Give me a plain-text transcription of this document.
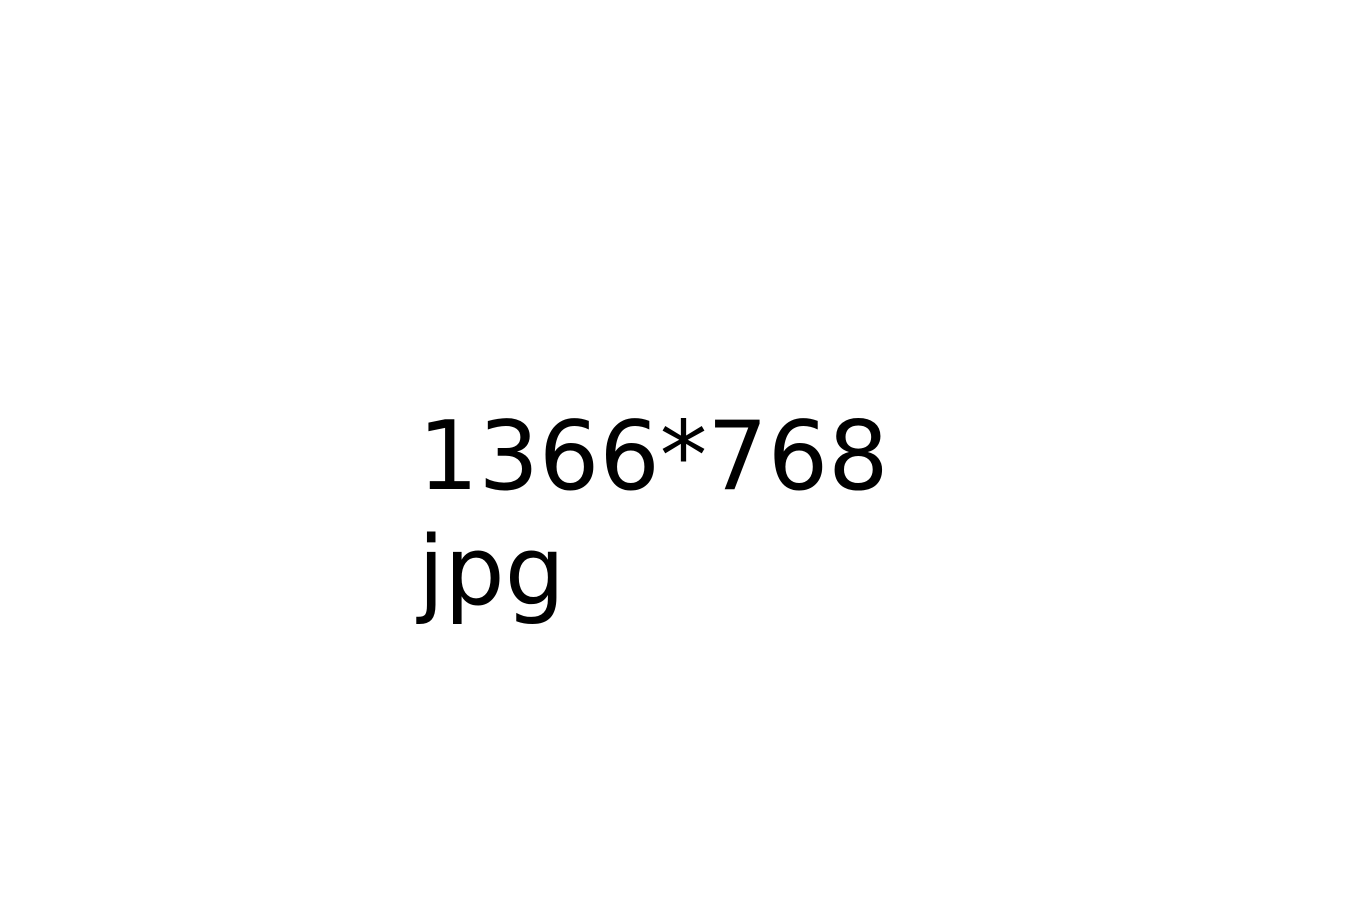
1366*768

jpg
